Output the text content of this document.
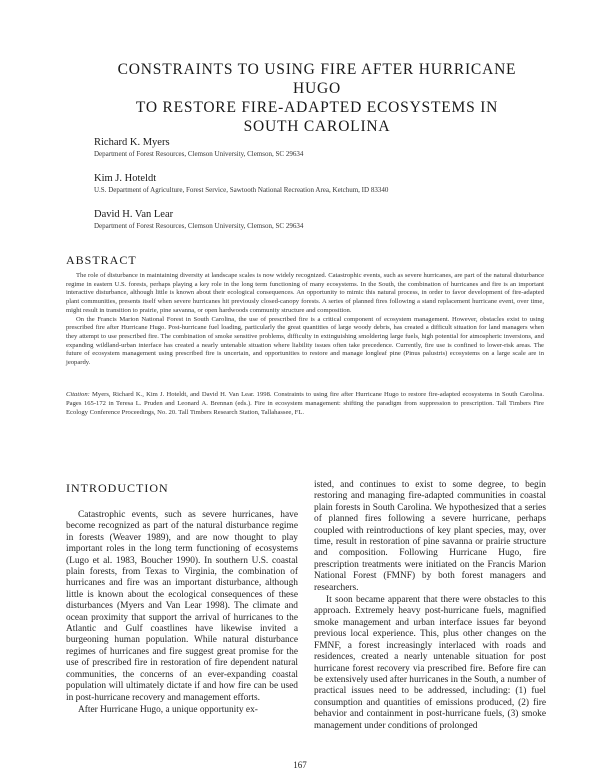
CONSTRAINTS TO USING FIRE AFTER HURRICANE HUGO
TO RESTORE FIRE-ADAPTED ECOSYSTEMS IN
SOUTH CAROLINA
Richard K. Myers
Department of Forest Resources, Clemson University, Clemson, SC 29634
Kim J. Hoteldt
U.S. Department of Agriculture, Forest Service, Sawtooth National Recreation Area, Ketchum, ID 83340
David H. Van Lear
Department of Forest Resources, Clemson University, Clemson, SC 29634
ABSTRACT

The role of disturbance in maintaining diversity at landscape scales is now widely recognized. Catastrophic events, such as severe hurricanes, are part of the natural disturbance regime in eastern U.S. forests, perhaps playing a key role in the long term functioning of many ecosystems. In the South, the combination of hurricanes and fire is an important interactive disturbance, although little is known about their ecological consequences. An opportunity to mimic this natural process, in order to favor development of fire-adapted plant communities, presents itself when severe hurricanes hit previously closed-canopy forests. A series of planned fires following a stand replacement hurricane event, over time, might result in transition to prairie, pine savanna, or open hardwoods community structure and composition.

On the Francis Marion National Forest in South Carolina, the use of prescribed fire is a critical component of ecosystem management. However, obstacles exist to using prescribed fire after Hurricane Hugo. Post-hurricane fuel loading, particularly the great quantities of large woody debris, has created a difficult situation for land managers when they attempt to use prescribed fire. The combination of smoke sensitive problems, difficulty in extinguishing smoldering large fuels, high potential for atmospheric inversions, and expanding wildland-urban interface has created a nearly untenable situation where liability issues often take precedence. Currently, fire use is confined to lower-risk areas. The future of ecosystem management using prescribed fire is uncertain, and opportunities to restore and manage longleaf pine (Pinus palustris) ecosystems on a large scale are in jeopardy.

Citation: Myers, Richard K., Kim J. Hoteldt, and David H. Van Lear. 1998. Constraints to using fire after Hurricane Hugo to restore fire-adapted ecosystems in South Carolina. Pages 165-172 in Teresa L. Pruden and Leonard A. Brennan (eds.). Fire in ecosystem management: shifting the paradigm from suppression to prescription. Tall Timbers Fire Ecology Conference Proceedings, No. 20. Tall Timbers Research Station, Tallahassee, FL.
INTRODUCTION

Catastrophic events, such as severe hurricanes, have become recognized as part of the natural disturbance regime in forests (Weaver 1989), and are now thought to play important roles in the long term functioning of ecosystems (Lugo et al. 1983, Boucher 1990). In southern U.S. coastal plain forests, from Texas to Virginia, the combination of hurricanes and fire was an important disturbance, although little is known about the ecological consequences of these disturbances (Myers and Van Lear 1998). The climate and ocean proximity that support the arrival of hurricanes to the Atlantic and Gulf coastlines have likewise invited a burgeoning human population. While natural disturbance regimes of hurricanes and fire suggest great promise for the use of prescribed fire in restoration of fire dependent natural communities, the concerns of an ever-expanding coastal population will ultimately dictate if and how fire can be used in post-hurricane recovery and management efforts.

After Hurricane Hugo, a unique opportunity ex-

isted, and continues to exist to some degree, to begin restoring and managing fire-adapted communities in coastal plain forests in South Carolina. We hypothesized that a series of planned fires following a severe hurricane, perhaps coupled with reintroductions of key plant species, may, over time, result in restoration of pine savanna or prairie structure and composition. Following Hurricane Hugo, fire prescription treatments were initiated on the Francis Marion National Forest (FMNF) by both forest managers and researchers.

It soon became apparent that there were obstacles to this approach. Extremely heavy post-hurricane fuels, magnified smoke management and urban interface issues far beyond previous local experience. This, plus other changes on the FMNF, a forest increasingly interlaced with roads and residences, created a nearly untenable situation for post hurricane forest recovery via prescribed fire. Before fire can be extensively used after hurricanes in the South, a number of practical issues need to be addressed, including: (1) fuel consumption and quantities of emissions produced, (2) fire behavior and containment in post-hurricane fuels, (3) smoke management under conditions of prolonged

167
